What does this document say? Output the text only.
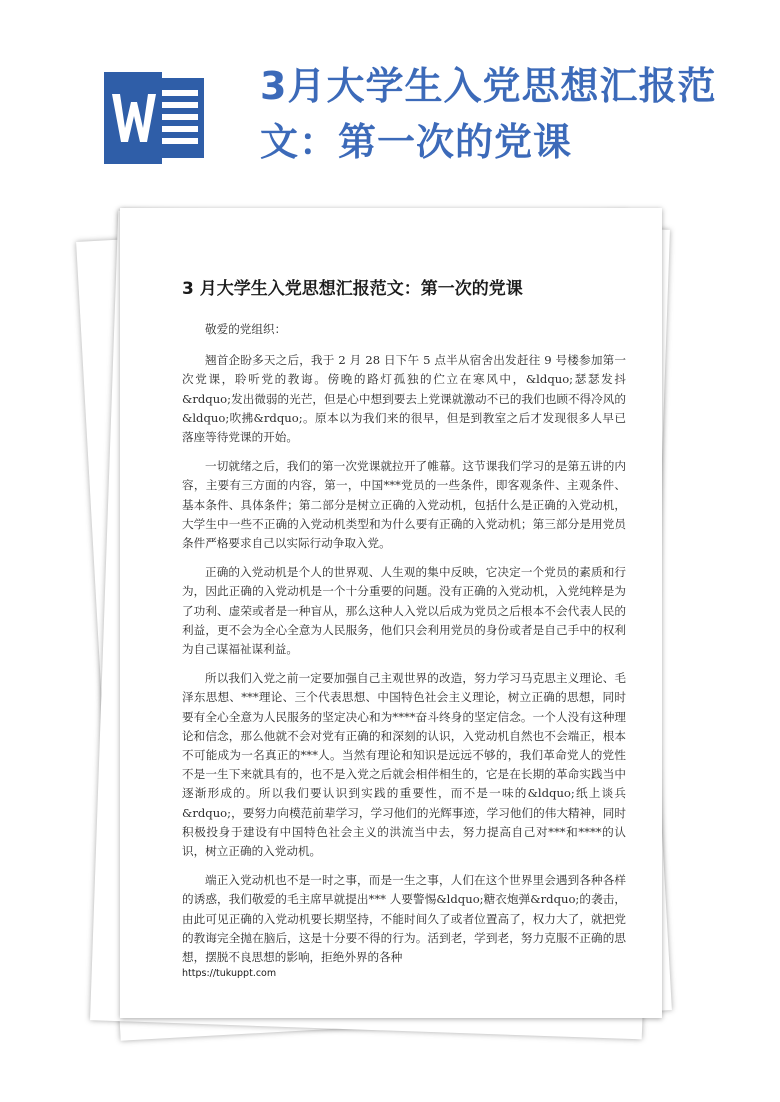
3月大学生入党思想汇报范文：第一次的党课
3 月大学生入党思想汇报范文：第一次的党课

敬爱的党组织：

翘首企盼多天之后，我于 2 月 28 日下午 5 点半从宿舍出发赶往 9 号楼参加第一次党课，聆听党的教诲。傍晚的路灯孤独的伫立在寒风中，&ldquo;瑟瑟发抖&rdquo;发出微弱的光芒，但是心中想到要去上党课就激动不已的我们也顾不得冷风的&ldquo;吹拂&rdquo;。原本以为我们来的很早，但是到教室之后才发现很多人早已落座等待党课的开始。

一切就绪之后，我们的第一次党课就拉开了帷幕。这节课我们学习的是第五讲的内容，主要有三方面的内容，第一，中国***党员的一些条件，即客观条件、主观条件、基本条件、具体条件；第二部分是树立正确的入党动机，包括什么是正确的入党动机，大学生中一些不正确的入党动机类型和为什么要有正确的入党动机；第三部分是用党员条件严格要求自己以实际行动争取入党。

正确的入党动机是个人的世界观、人生观的集中反映，它决定一个党员的素质和行为，因此正确的入党动机是一个十分重要的问题。没有正确的入党动机，入党纯粹是为了功利、虚荣或者是一种盲从，那么这种人入党以后成为党员之后根本不会代表人民的利益，更不会为全心全意为人民服务，他们只会利用党员的身份或者是自己手中的权利为自己谋福祉谋利益。

所以我们入党之前一定要加强自己主观世界的改造，努力学习马克思主义理论、毛泽东思想、***理论、三个代表思想、中国特色社会主义理论，树立正确的思想，同时要有全心全意为人民服务的坚定决心和为****奋斗终身的坚定信念。一个人没有这种理论和信念，那么他就不会对党有正确的和深刻的认识，入党动机自然也不会端正，根本不可能成为一名真正的***人。当然有理论和知识是远远不够的，我们革命党人的党性不是一生下来就具有的，也不是入党之后就会相伴相生的，它是在长期的革命实践当中逐渐形成的。所以我们要认识到实践的重要性，而不是一味的&ldquo;纸上谈兵&rdquo;，要努力向模范前辈学习，学习他们的光辉事迹，学习他们的伟大精神，同时积极投身于建设有中国特色社会主义的洪流当中去，努力提高自己对***和****的认识，树立正确的入党动机。

端正入党动机也不是一时之事，而是一生之事，人们在这个世界里会遇到各种各样的诱惑，我们敬爱的毛主席早就提出*** 人要警惕&ldquo;糖衣炮弹&rdquo;的袭击，由此可见正确的入党动机要长期坚持，不能时间久了或者位置高了，权力大了，就把党的教诲完全抛在脑后，这是十分要不得的行为。活到老，学到老，努力克服不正确的思想，摆脱不良思想的影响，拒绝外界的各种

https://tukuppt.com
